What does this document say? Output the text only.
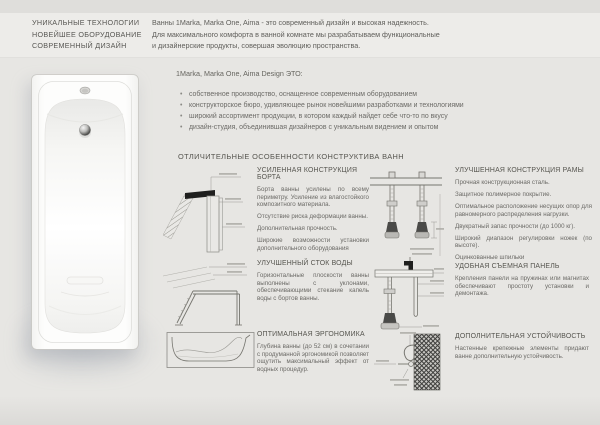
УНИКАЛЬНЫЕ ТЕХНОЛОГИИ
НОВЕЙШЕЕ ОБОРУДОВАНИЕ
СОВРЕМЕННЫЙ ДИЗАЙН
Ванны 1Marka, Marka One, Aima - это современный дизайн и высокая надежность.
Для максимального комфорта в ванной комнате мы разрабатываем функциональные
и дизайнерские продукты, совершая эволюцию пространства.
1Marka, Marka One, Aima Design ЭТО:
• собственное производство, оснащенное современным оборудованием
• конструкторское бюро, удивляющее рынок новейшими разработками и технологиями
• широкий ассортимент продукции, в котором каждый найдет себе что-то по вкусу
• дизайн-студия, объединившая дизайнеров с уникальным видением и опытом
ОТЛИЧИТЕЛЬНЫЕ ОСОБЕННОСТИ КОНСТРУКТИВА ВАНН
УСИЛЕННАЯ КОНСТРУКЦИЯ БОРТА

Борта ванны усилены по всему периметру. Усиление из влагостойкого композитного материала.

Отсутствие риска деформации ванны.

Дополнительная прочность.

Широкие возможности установки дополнительного оборудования

УЛУЧШЕННЫЙ СТОК ВОДЫ

Горизонтальные плоскости ванны выполнены с уклонами, обеспечивающими стекание капель воды с бортов ванны.

ОПТИМАЛЬНАЯ ЭРГОНОМИКА

Глубина ванны (до 52 см) в сочетании с продуманной эргономикой позволяет ощутить максимальный эффект от водных процедур.

УЛУЧШЕННАЯ КОНСТРУКЦИЯ РАМЫ

Прочная конструкционная сталь.

Защитное полимерное покрытие.

Оптимальное расположение несущих опор для равномерного распределения нагрузки.

Двукратный запас прочности (до 1000 кг).

Широкий диапазон регулировки ножек (по высоте).

Оцинкованные шпильки

УДОБНАЯ СЪЕМНАЯ ПАНЕЛЬ

Крепления панели на пружинах или магнитах обеспечивают простоту установки и демонтажа.

ДОПОЛНИТЕЛЬНАЯ УСТОЙЧИВОСТЬ

Настенные крепежные элементы придают ванне дополнительную устойчивость.
